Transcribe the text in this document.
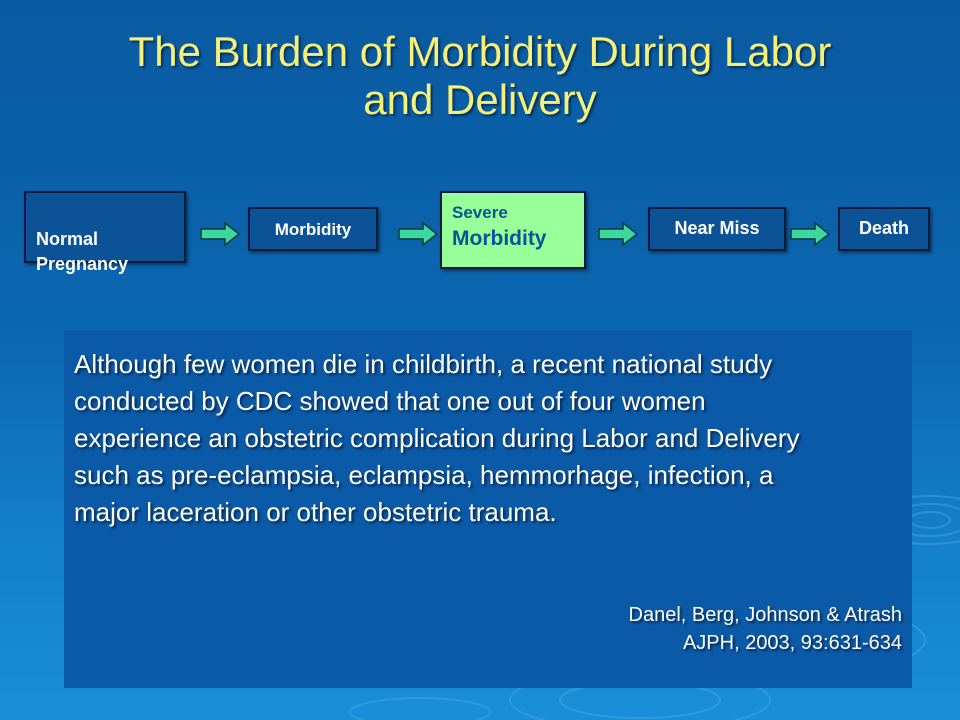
The Burden of Morbidity During Labor
and Delivery

Normal
Pregnancy

Morbidity
Severe
Morbidity	Near Miss	Death
Although few women die in childbirth, a recent national study conducted by CDC showed that one out of four women experience an obstetric complication during Labor and Delivery such as pre-eclampsia, eclampsia, hemmorhage, infection, a major laceration or other obstetric trauma.
Danel, Berg, Johnson & Atrash
AJPH, 2003, 93:631-634
